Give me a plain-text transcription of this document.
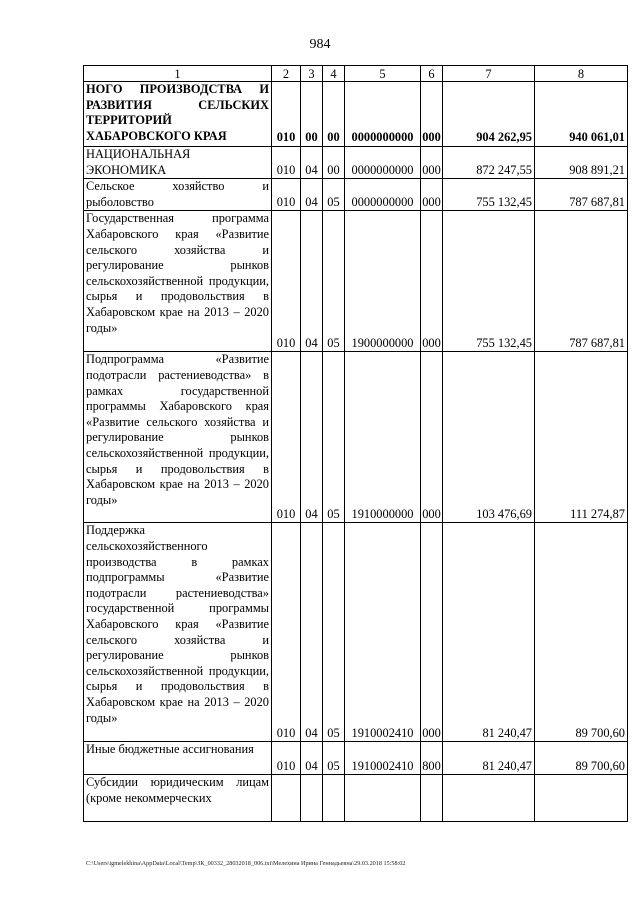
984
1	2	3	4	5	6	7	8

НОГО ПРОИЗВОДСТВА И РАЗВИТИЯ СЕЛЬСКИХ ТЕРРИТОРИЙ ХАБАРОВСКОГО КРАЯ	010	00	00	0000000000	000	904 262,95	940 061,01

НАЦИОНАЛЬНАЯ ЭКОНОМИКА	010	04	00	0000000000	000	872 247,55	908 891,21

Сельское хозяйство и рыболовство	010	04	05	0000000000	000	755 132,45	787 687,81

Государственная программа Хабаровского края «Развитие сельского хозяйства и регулирование рынков сельскохозяйственной продукции, сырья и продовольствия в Хабаровском крае на 2013 – 2020 годы»	010	04	05	1900000000	000	755 132,45	787 687,81

Подпрограмма «Развитие подотрасли растениеводства» в рамках государственной программы Хабаровского края «Развитие сельского хозяйства и регулирование рынков сельскохозяйственной продукции, сырья и продовольствия в Хабаровском крае на 2013 – 2020 годы»	010	04	05	1910000000	000	103 476,69	111 274,87

Поддержка сельскохозяйственного производства в рамках подпрограммы «Развитие подотрасли растениеводства» государственной программы Хабаровского края «Развитие сельского хозяйства и регулирование рынков сельскохозяйственной продукции, сырья и продовольствия в Хабаровском крае на 2013 – 2020 годы»	010	04	05	1910002410	000	81 240,47	89 700,60

Иные бюджетные ассигнования	010	04	05	1910002410	800	81 240,47	89 700,60

Субсидии юридическим лицам (кроме некоммерческих							

C:\Users\igmelekhina\AppData\Local\Temp\ЗК_00332_28032018_006.txt\Мелехина Ирина Геннадьевна\29.03.2018 15:58:02
